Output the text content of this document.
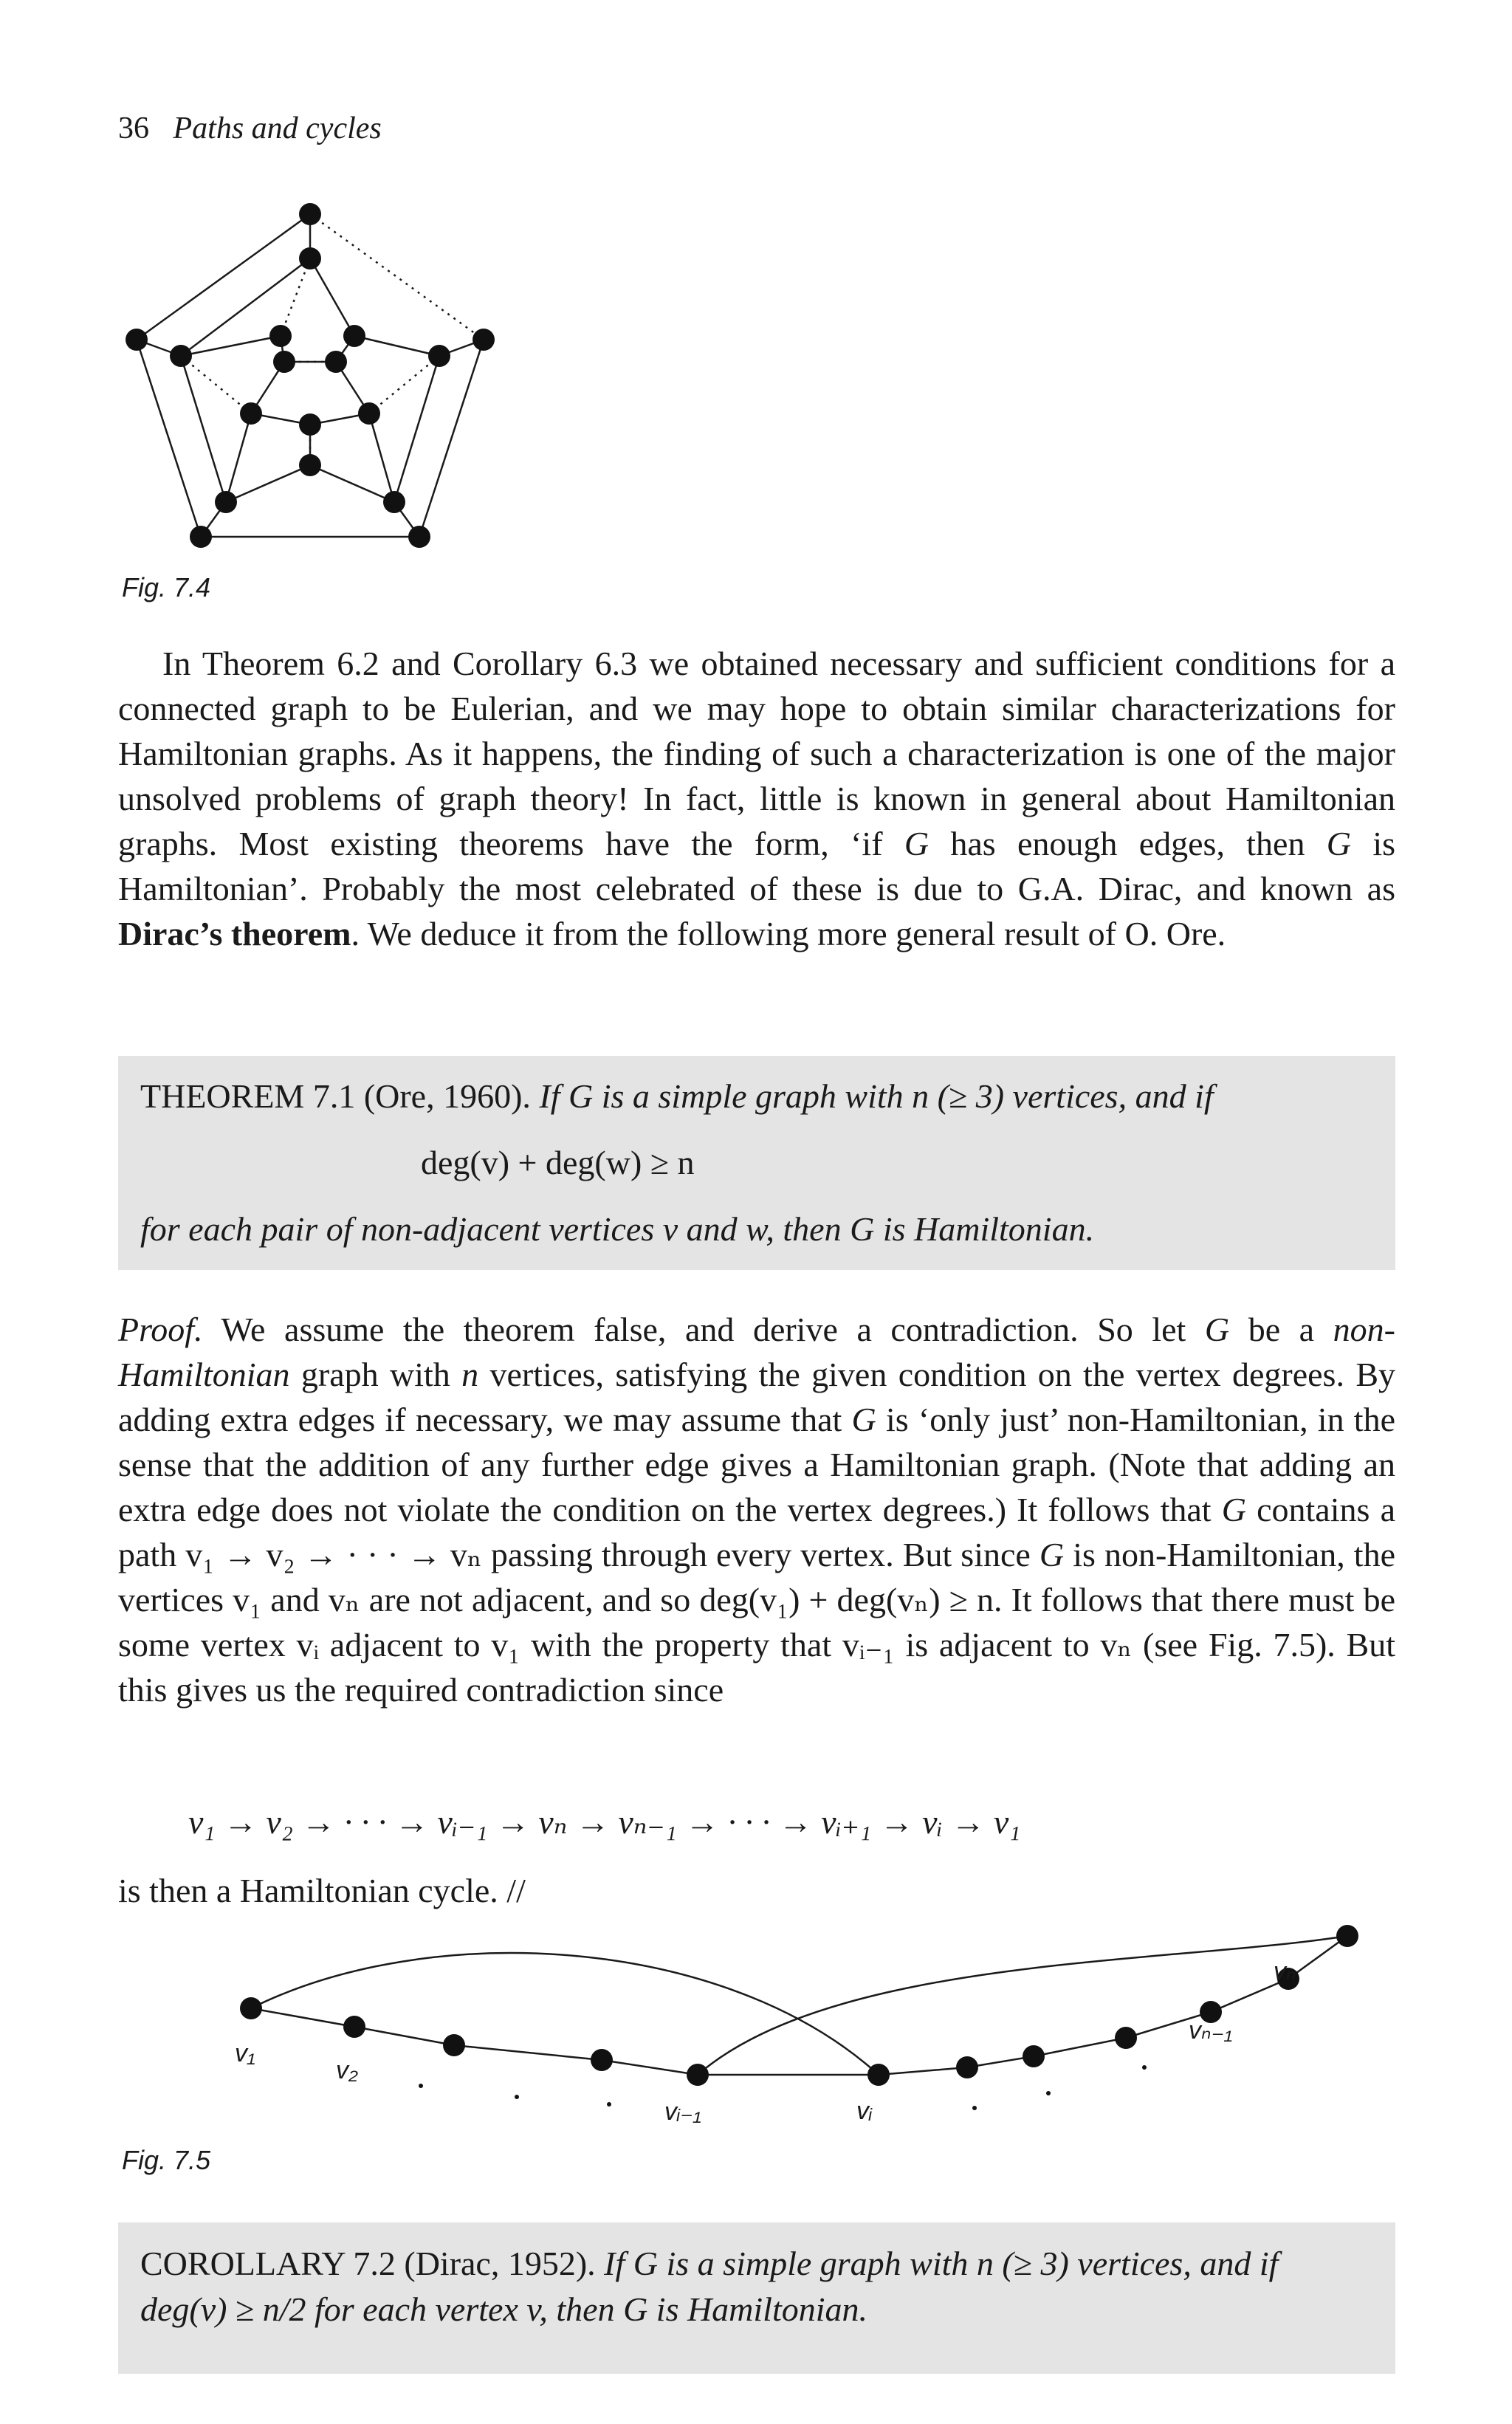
36 Paths and cycles
Fig. 7.4
In Theorem 6.2 and Corollary 6.3 we obtained necessary and sufficient conditions for a connected graph to be Eulerian, and we may hope to obtain similar characterizations for Hamiltonian graphs. As it happens, the finding of such a characterization is one of the major unsolved problems of graph theory! In fact, little is known in general about Hamiltonian graphs. Most existing theorems have the form, ‘if G has enough edges, then G is Hamiltonian’. Probably the most celebrated of these is due to G.A. Dirac, and known as Dirac’s theorem. We deduce it from the following more general result of O. Ore.
THEOREM 7.1 (Ore, 1960). If G is a simple graph with n (≥ 3) vertices, and if
deg(v) + deg(w) ≥ n
for each pair of non-adjacent vertices v and w, then G is Hamiltonian.
Proof. We assume the theorem false, and derive a contradiction. So let G be a non-Hamiltonian graph with n vertices, satisfying the given condition on the vertex degrees. By adding extra edges if necessary, we may assume that G is ‘only just’ non-Hamiltonian, in the sense that the addition of any further edge gives a Hamiltonian graph. (Note that adding an extra edge does not violate the condition on the vertex degrees.) It follows that G contains a path v₁ → v₂ → · · · → vₙ passing through every vertex. But since G is non-Hamiltonian, the vertices v₁ and vₙ are not adjacent, and so deg(v₁) + deg(vₙ) ≥ n. It follows that there must be some vertex vᵢ adjacent to v₁ with the property that vᵢ₋₁ is adjacent to vₙ (see Fig. 7.5). But this gives us the required contradiction since
v₁ → v₂ → · · · → vᵢ₋₁ → vₙ → vₙ₋₁ → · · · → vᵢ₊₁ → vᵢ → v₁
is then a Hamiltonian cycle. //
v₁
v₂
vᵢ₋₁	vᵢ
vₙ₋₁
vₙ
Fig. 7.5
COROLLARY 7.2 (Dirac, 1952). If G is a simple graph with n (≥ 3) vertices, and if deg(v) ≥ n/2 for each vertex v, then G is Hamiltonian.
